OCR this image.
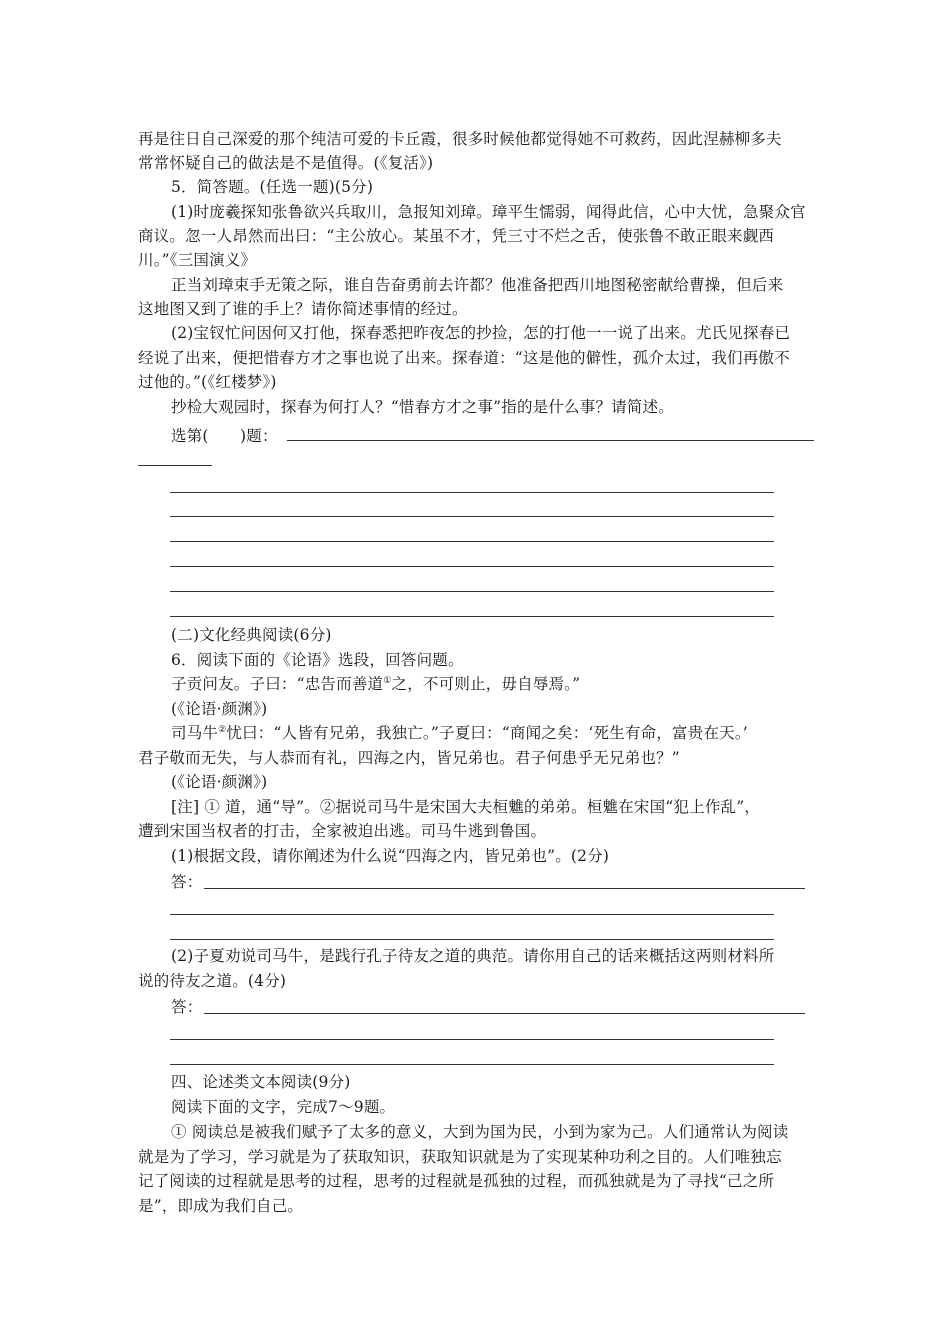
再是往日自己深爱的那个纯洁可爱的卡丘霞，很多时候他都觉得她不可救药，因此涅赫柳多夫
常常怀疑自己的做法是不是值得。(《复活》)
5．简答题。(任选一题)(5分)
(1)时庞羲探知张鲁欲兴兵取川，急报知刘璋。璋平生懦弱，闻得此信，心中大忧，急聚众官
商议。忽一人昂然而出曰：“主公放心。某虽不才，凭三寸不烂之舌，使张鲁不敢正眼来觑西
川。”《三国演义》
正当刘璋束手无策之际，谁自告奋勇前去许都？他准备把西川地图秘密献给曹操，但后来
这地图又到了谁的手上？请你简述事情的经过。
(2)宝钗忙问因何又打他，探春悉把昨夜怎的抄捡，怎的打他一一说了出来。尤氏见探春已
经说了出来，便把惜春方才之事也说了出来。探春道：“这是他的僻性，孤介太过，我们再傲不
过他的。”(《红楼梦》)
抄检大观园时，探春为何打人？“惜春方才之事”指的是什么事？请简述。
选第(　　)题：
(二)文化经典阅读(6分)
6．阅读下面的《论语》选段，回答问题。
子贡问友。子曰：“忠告而善道①之，不可则止，毋自辱焉。”
(《论语·颜渊》)
司马牛②忧曰：“人皆有兄弟，我独亡。”子夏曰：“商闻之矣：‘死生有命，富贵在天。’
君子敬而无失，与人恭而有礼，四海之内，皆兄弟也。君子何患乎无兄弟也？”
(《论语·颜渊》)
[注] ① 道，通“导”。②据说司马牛是宋国大夫桓魋的弟弟。桓魋在宋国“犯上作乱”，
遭到宋国当权者的打击，全家被迫出逃。司马牛逃到鲁国。
(1)根据文段，请你阐述为什么说“四海之内，皆兄弟也”。(2分)
答：
(2)子夏劝说司马牛，是践行孔子待友之道的典范。请你用自己的话来概括这两则材料所
说的待友之道。(4分)
答：
四、论述类文本阅读(9分)
阅读下面的文字，完成7～9题。
① 阅读总是被我们赋予了太多的意义，大到为国为民，小到为家为己。人们通常认为阅读
就是为了学习，学习就是为了获取知识，获取知识就是为了实现某种功利之目的。人们唯独忘
记了阅读的过程就是思考的过程，思考的过程就是孤独的过程，而孤独就是为了寻找“己之所
是”，即成为我们自己。
